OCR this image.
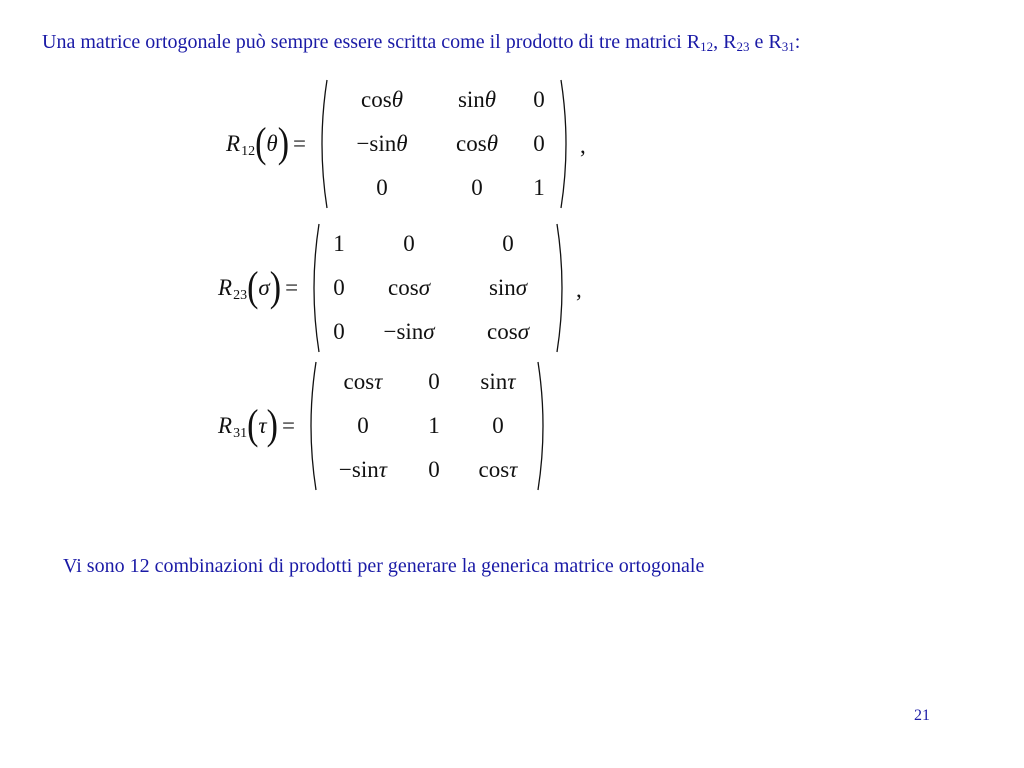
Una matrice ortogonale può sempre essere scritta come il prodotto di tre matrici $R_{12}$, $R_{23}$ e $R_{31}$:
R 12 ( θ ) =
cosθ	sinθ	0
−sinθ	cosθ	0
0	0	1
,
R 23 ( σ ) =
1	0	0
0	cosσ	sinσ
0	−sinσ	cosσ
,
R 31 ( τ ) =
cosτ	0	sinτ
0	1	0
−sinτ	0	cosτ
Vi sono 12 combinazioni di prodotti per generare la generica matrice ortogonale
21
